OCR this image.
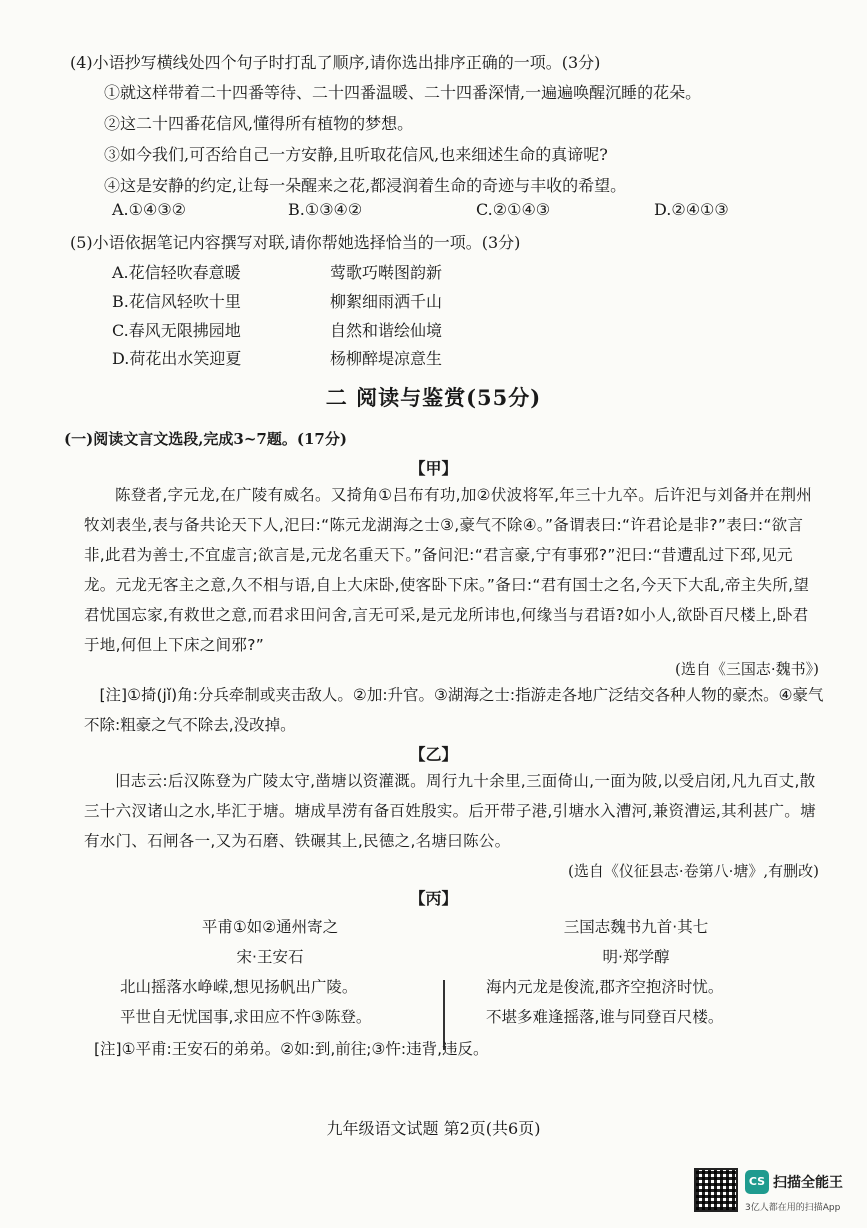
(4)小语抄写横线处四个句子时打乱了顺序,请你选出排序正确的一项。(3分)
①就这样带着二十四番等待、二十四番温暖、二十四番深情,一遍遍唤醒沉睡的花朵。
②这二十四番花信风,懂得所有植物的梦想。
③如今我们,可否给自己一方安静,且听取花信风,也来细述生命的真谛呢?
④这是安静的约定,让每一朵醒来之花,都浸润着生命的奇迹与丰收的希望。
A.①④③②	B.①③④②	C.②①④③	D.②④①③
(5)小语依据笔记内容撰写对联,请你帮她选择恰当的一项。(3分)
A.花信轻吹春意暖	莺歌巧啭图韵新
B.花信风轻吹十里	柳絮细雨洒千山
C.春风无限拂园地	自然和谐绘仙境
D.荷花出水笑迎夏	杨柳醉堤凉意生
二 阅读与鉴赏(55分)
(一)阅读文言文选段,完成3~7题。(17分)
【甲】
陈登者,字元龙,在广陵有威名。又掎角①吕布有功,加②伏波将军,年三十九卒。后许汜与刘备并在荆州牧刘表坐,表与备共论天下人,汜曰:“陈元龙湖海之士③,豪气不除④。”备谓表曰:“许君论是非?”表曰:“欲言非,此君为善士,不宜虚言;欲言是,元龙名重天下。”备问汜:“君言豪,宁有事邪?”汜曰:“昔遭乱过下邳,见元龙。元龙无客主之意,久不相与语,自上大床卧,使客卧下床。”备曰:“君有国士之名,今天下大乱,帝主失所,望君忧国忘家,有救世之意,而君求田问舍,言无可采,是元龙所讳也,何缘当与君语?如小人,欲卧百尺楼上,卧君于地,何但上下床之间邪?”
(选自《三国志·魏书》)
[注]①掎(jǐ)角:分兵牵制或夹击敌人。②加:升官。③湖海之士:指游走各地广泛结交各种人物的豪杰。④豪气不除:粗豪之气不除去,没改掉。
【乙】
旧志云:后汉陈登为广陵太守,凿塘以资灌溉。周行九十余里,三面倚山,一面为陂,以受启闭,凡九百丈,散三十六汊诸山之水,毕汇于塘。塘成旱涝有备百姓殷实。后开带子港,引塘水入漕河,兼资漕运,其利甚广。塘有水门、石闸各一,又为石磨、铁碾其上,民德之,名塘曰陈公。
(选自《仪征县志·卷第八·塘》,有删改)
【丙】
平甫①如②通州寄之
宋·王安石
北山摇落水峥嵘,想见扬帆出广陵。
平世自无忧国事,求田应不忤③陈登。
三国志魏书九首·其七
明·郑学醇
海内元龙是俊流,郡齐空抱济时忧。
不堪多难逢摇落,谁与同登百尺楼。
[注]①平甫:王安石的弟弟。②如:到,前往;③忤:违背,违反。
九年级语文试题 第2页(共6页)
CS 扫描全能王
3亿人都在用的扫描App
